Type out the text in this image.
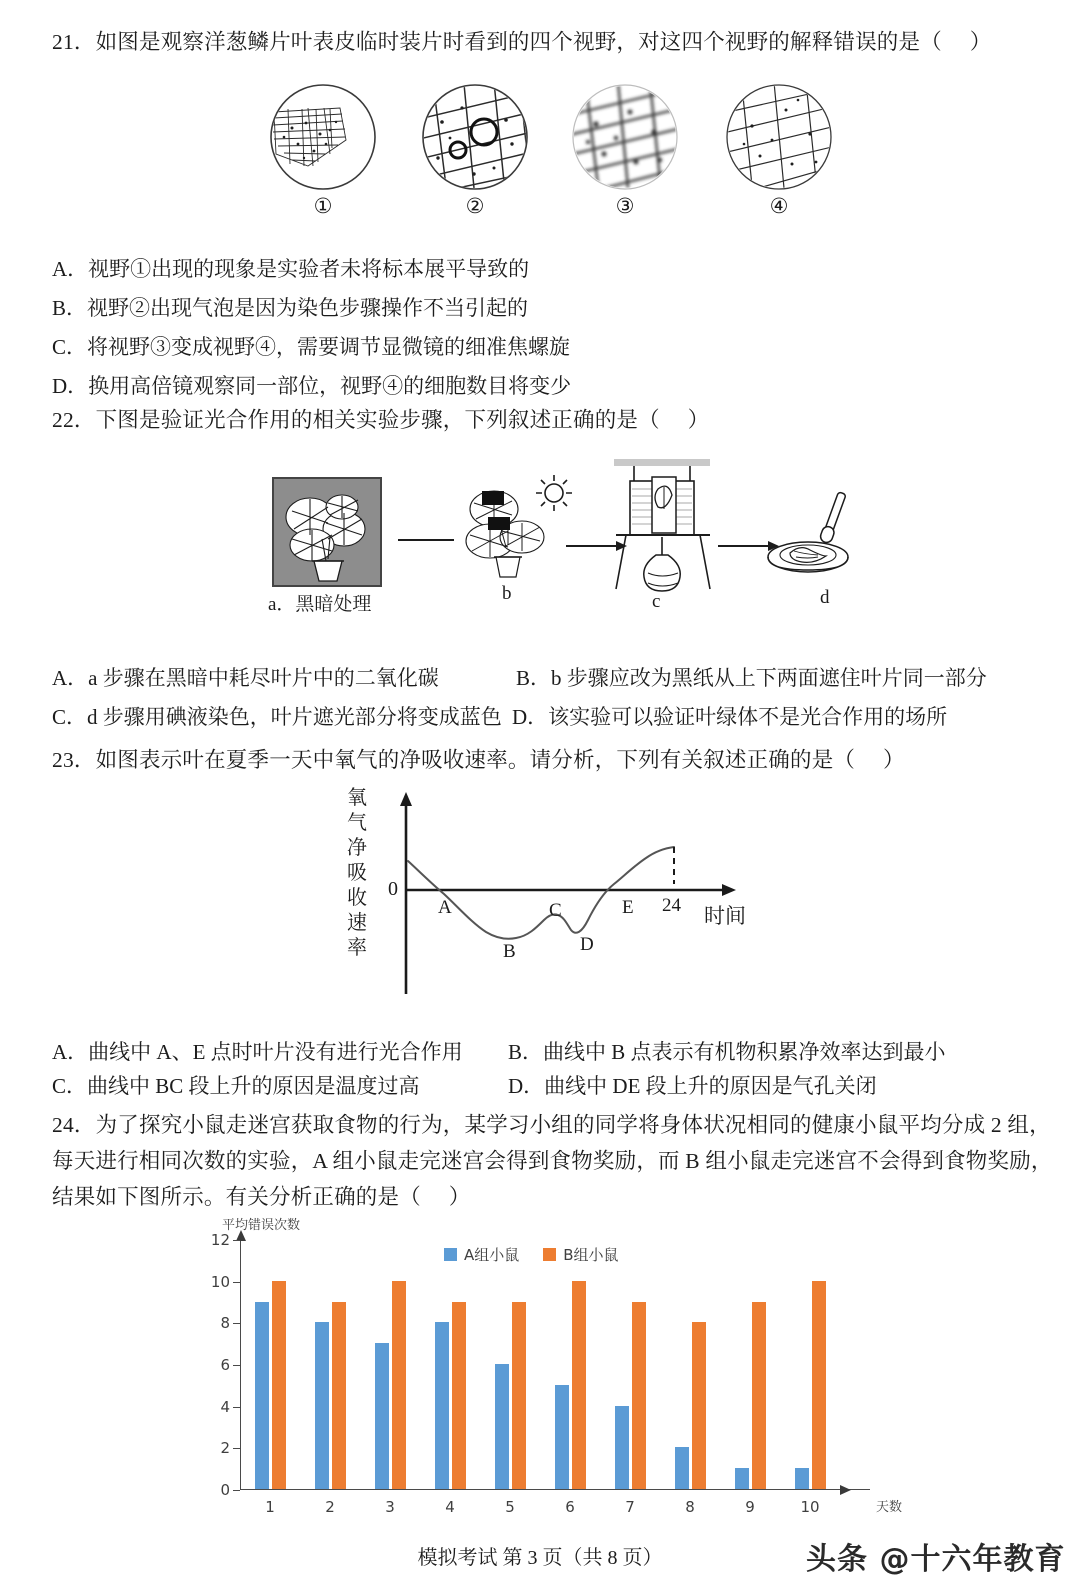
21．如图是观察洋葱鳞片叶表皮临时装片时看到的四个视野，对这四个视野的解释错误的是（     ）
①	②	③	④
A．视野①出现的现象是实验者未将标本展平导致的
B．视野②出现气泡是因为染色步骤操作不当引起的
C．将视野③变成视野④，需要调节显微镜的细准焦螺旋
D．换用高倍镜观察同一部位，视野④的细胞数目将变少
22．下图是验证光合作用的相关实验步骤，下列叙述正确的是（     ）
a．黑暗处理
b	c	d
A．a 步骤在黑暗中耗尽叶片中的二氧化碳	B．b 步骤应改为黑纸从上下两面遮住叶片同一部分
C．d 步骤用碘液染色，叶片遮光部分将变成蓝色 D．该实验可以验证叶绿体不是光合作用的场所
23．如图表示叶在夏季一天中氧气的净吸收速率。请分析，下列有关叙述正确的是（     ）
氧气净吸收速率
0
A
B
C
D
E 24 时间
A．曲线中 A、E 点时叶片没有进行光合作用 B．曲线中 B 点表示有机物积累净效率达到最小
C．曲线中 BC 段上升的原因是温度过高	D．曲线中 DE 段上升的原因是气孔关闭
24．为了探究小鼠走迷宫获取食物的行为，某学习小组的同学将身体状况相同的健康小鼠平均分成 2 组，
每天进行相同次数的实验，A 组小鼠走完迷宫会得到食物奖励，而 B 组小鼠走完迷宫不会得到食物奖励，
结果如下图所示。有关分析正确的是（     ）
平均错误次数
A组小鼠	B组小鼠
天数
0
2
4
6
8
10
12
1	2	3	4	5	6	7	8	9	10
模拟考试 第 3 页（共 8 页）	头条 @十六年教育
